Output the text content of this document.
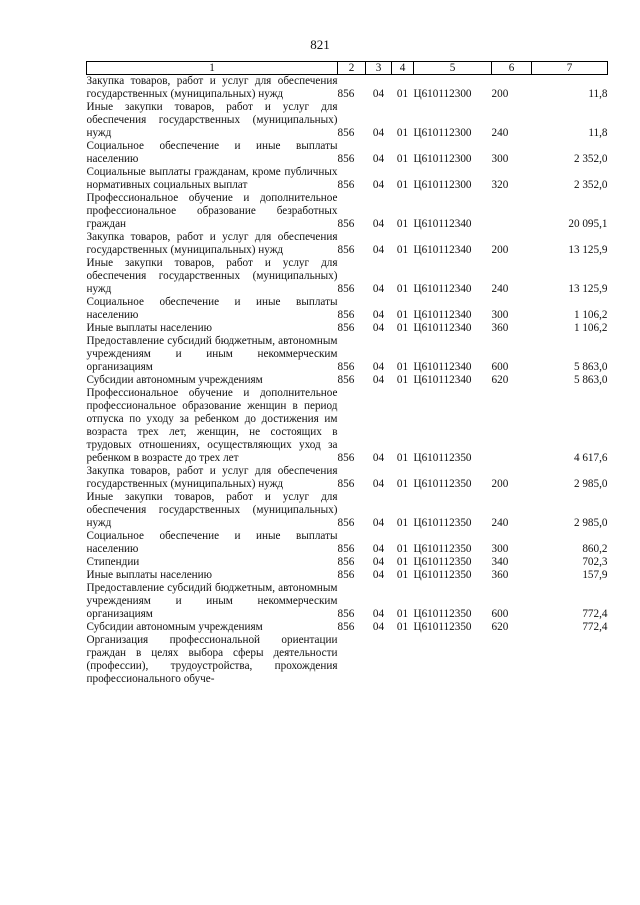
821
1	2	3	4	5	6	7
Закупка товаров, работ и услуг для обеспечения государственных (муниципальных) нужд	856	04	01	Ц610112300	200	11,8
Иные закупки товаров, работ и услуг для обеспечения государственных (муниципальных) нужд	856	04	01	Ц610112300	240	11,8
Социальное обеспечение и иные выплаты населению	856	04	01	Ц610112300	300	2 352,0
Социальные выплаты гражданам, кроме публичных нормативных социальных выплат	856	04	01	Ц610112300	320	2 352,0
Профессиональное обучение и дополнительное профессиональное образование безработных граждан	856	04	01	Ц610112340		20 095,1
Закупка товаров, работ и услуг для обеспечения государственных (муниципальных) нужд	856	04	01	Ц610112340	200	13 125,9
Иные закупки товаров, работ и услуг для обеспечения государственных (муниципальных) нужд	856	04	01	Ц610112340	240	13 125,9
Социальное обеспечение и иные выплаты населению	856	04	01	Ц610112340	300	1 106,2
Иные выплаты населению	856	04	01	Ц610112340	360	1 106,2
Предоставление субсидий бюджетным, автономным учреждениям и иным некоммерческим организациям	856	04	01	Ц610112340	600	5 863,0
Субсидии автономным учреждениям	856	04	01	Ц610112340	620	5 863,0
Профессиональное обучение и дополнительное профессиональное образование женщин в период отпуска по уходу за ребенком до достижения им возраста трех лет, женщин, не состоящих в трудовых отношениях, осуществляющих уход за ребенком в возрасте до трех лет	856	04	01	Ц610112350		4 617,6
Закупка товаров, работ и услуг для обеспечения государственных (муниципальных) нужд	856	04	01	Ц610112350	200	2 985,0
Иные закупки товаров, работ и услуг для обеспечения государственных (муниципальных) нужд	856	04	01	Ц610112350	240	2 985,0
Социальное обеспечение и иные выплаты населению	856	04	01	Ц610112350	300	860,2
Стипендии	856	04	01	Ц610112350	340	702,3
Иные выплаты населению	856	04	01	Ц610112350	360	157,9
Предоставление субсидий бюджетным, автономным учреждениям и иным некоммерческим организациям	856	04	01	Ц610112350	600	772,4
Субсидии автономным учреждениям	856	04	01	Ц610112350	620	772,4
Организация профессиональной ориентации граждан в целях выбора сферы деятельности (профессии), трудоустройства, прохождения профессионального обуче-						
